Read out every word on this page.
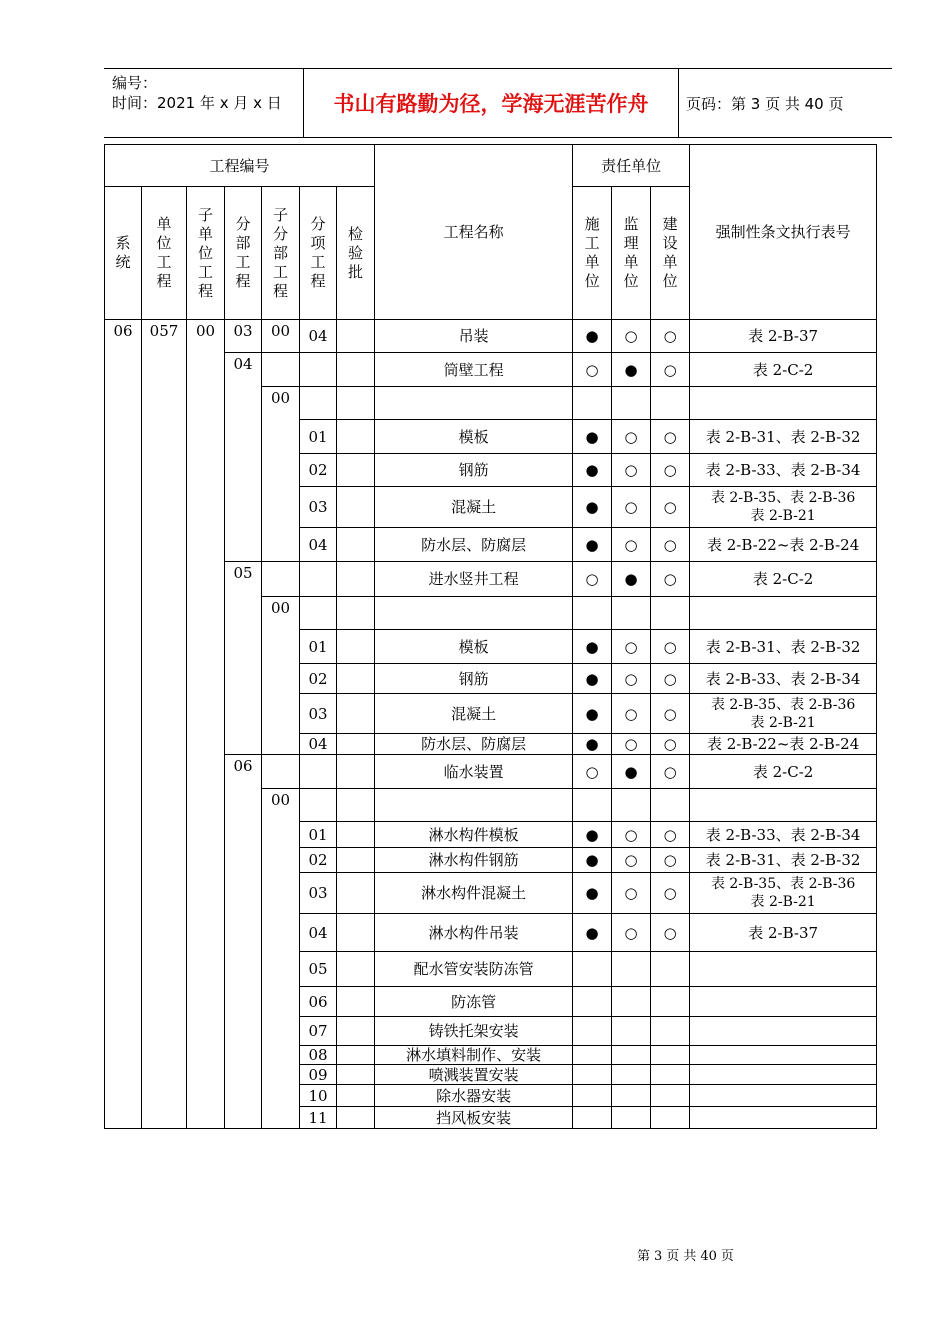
编号：
时间：2021 年 x 月 x 日	书山有路勤为径，学海无涯苦作舟	页码：第 3 页 共 40 页
工程编号							工程名称	责任单位			强制性条文执行表号
系统	单位工程	子单位工程	分部工程	子分部工程	分项工程	检验批		施工单位	监理单位	建设单位	
06	057	00	03	00	04		吊装	●	○	○	表 2-B-37
			04				筒壁工程	○	●	○	表 2-C-2
				00							
					01		模板	●	○	○	表 2-B-31、表 2-B-32
					02		钢筋	●	○	○	表 2-B-33、表 2-B-34
					03		混凝土	●	○	○	表 2-B-35、表 2-B-36
表 2-B-21

					04		防水层、防腐层	●	○	○	表 2-B-22~表 2-B-24
			05				进水竖井工程	○	●	○	表 2-C-2
				00							
					01		模板	●	○	○	表 2-B-31、表 2-B-32
					02		钢筋	●	○	○	表 2-B-33、表 2-B-34
					03		混凝土	●	○	○	表 2-B-35、表 2-B-36
表 2-B-21

					04		防水层、防腐层	●	○	○	表 2-B-22~表 2-B-24
			06				临水装置	○	●	○	表 2-C-2
				00							
					01		淋水构件模板	●	○	○	表 2-B-33、表 2-B-34
					02		淋水构件钢筋	●	○	○	表 2-B-31、表 2-B-32
					03		淋水构件混凝土	●	○	○	表 2-B-35、表 2-B-36
表 2-B-21

					04		淋水构件吊装	●	○	○	表 2-B-37
					05		配水管安装防冻管				
					06		防冻管				
					07		铸铁托架安装				
					08		淋水填料制作、安装				
					09		喷溅装置安装				
					10		除水器安装				
					11		挡风板安装				
第 3 页 共 40 页
